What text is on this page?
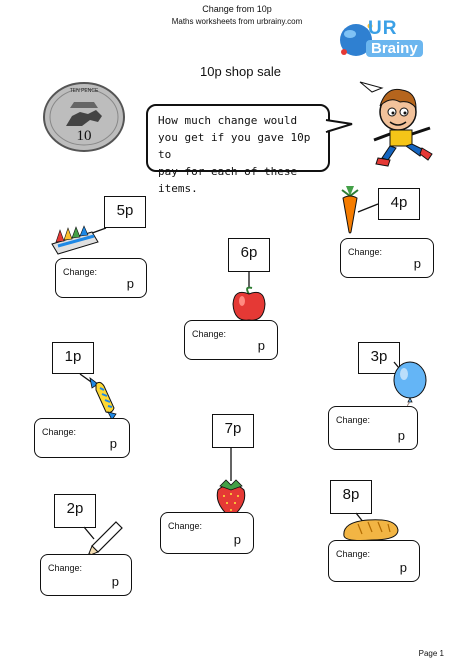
Change from 10p
Maths worksheets from urbrainy.com	UR
Brainy
TEN PENCE
10
10p shop sale
How much change would
you get if you gave 10p to
pay for each of these items.
5p
Change:
p
4p
Change:
p
6p
Change:
p
1p
Change:
p
3p
Change:
p
7p
Change:
p
2p
Change:
p
8p
Change:
p
Page 1
